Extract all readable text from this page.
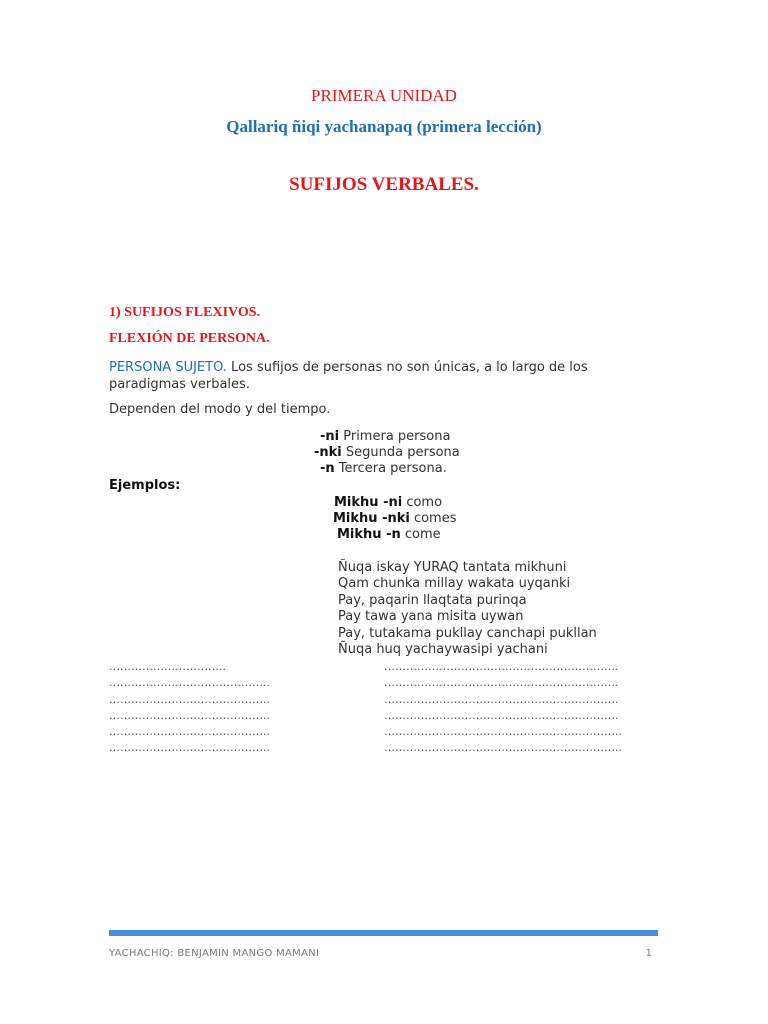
PRIMERA UNIDAD
Qallariq ñiqi yachanapaq (primera lección)
SUFIJOS VERBALES.
1) SUFIJOS FLEXIVOS.
FLEXIÓN DE PERSONA.
PERSONA SUJETO. Los sufijos de personas no son únicas, a lo largo de los paradigmas verbales.
Dependen del modo y del tiempo.
-ni Primera persona
-nki Segunda persona
-n Tercera persona.
Ejemplos:
Mikhu -ni como
Mikhu -nki comes
Mikhu -n come
Ñuqa iskay YURAQ tantata mikhuni
Qam chunka millay wakata uyqanki
Pay, paqarin llaqtata purinqa
Pay tawa yana misita uywan
Pay, tutakama pukllay canchapi pukllan
Ñuqa huq yachaywasipi yachani
…………………………..
……………………………………..
……………………………………..
……………………………………..
……………………………………..
……………………………………..
……………………………………………………….
……………………………………………………….
……………………………………………………….
……………………………………………………….
………………………………………………………..
………………………………………………………..
YACHACHIQ: BENJAMIN MANGO MAMANI	1
